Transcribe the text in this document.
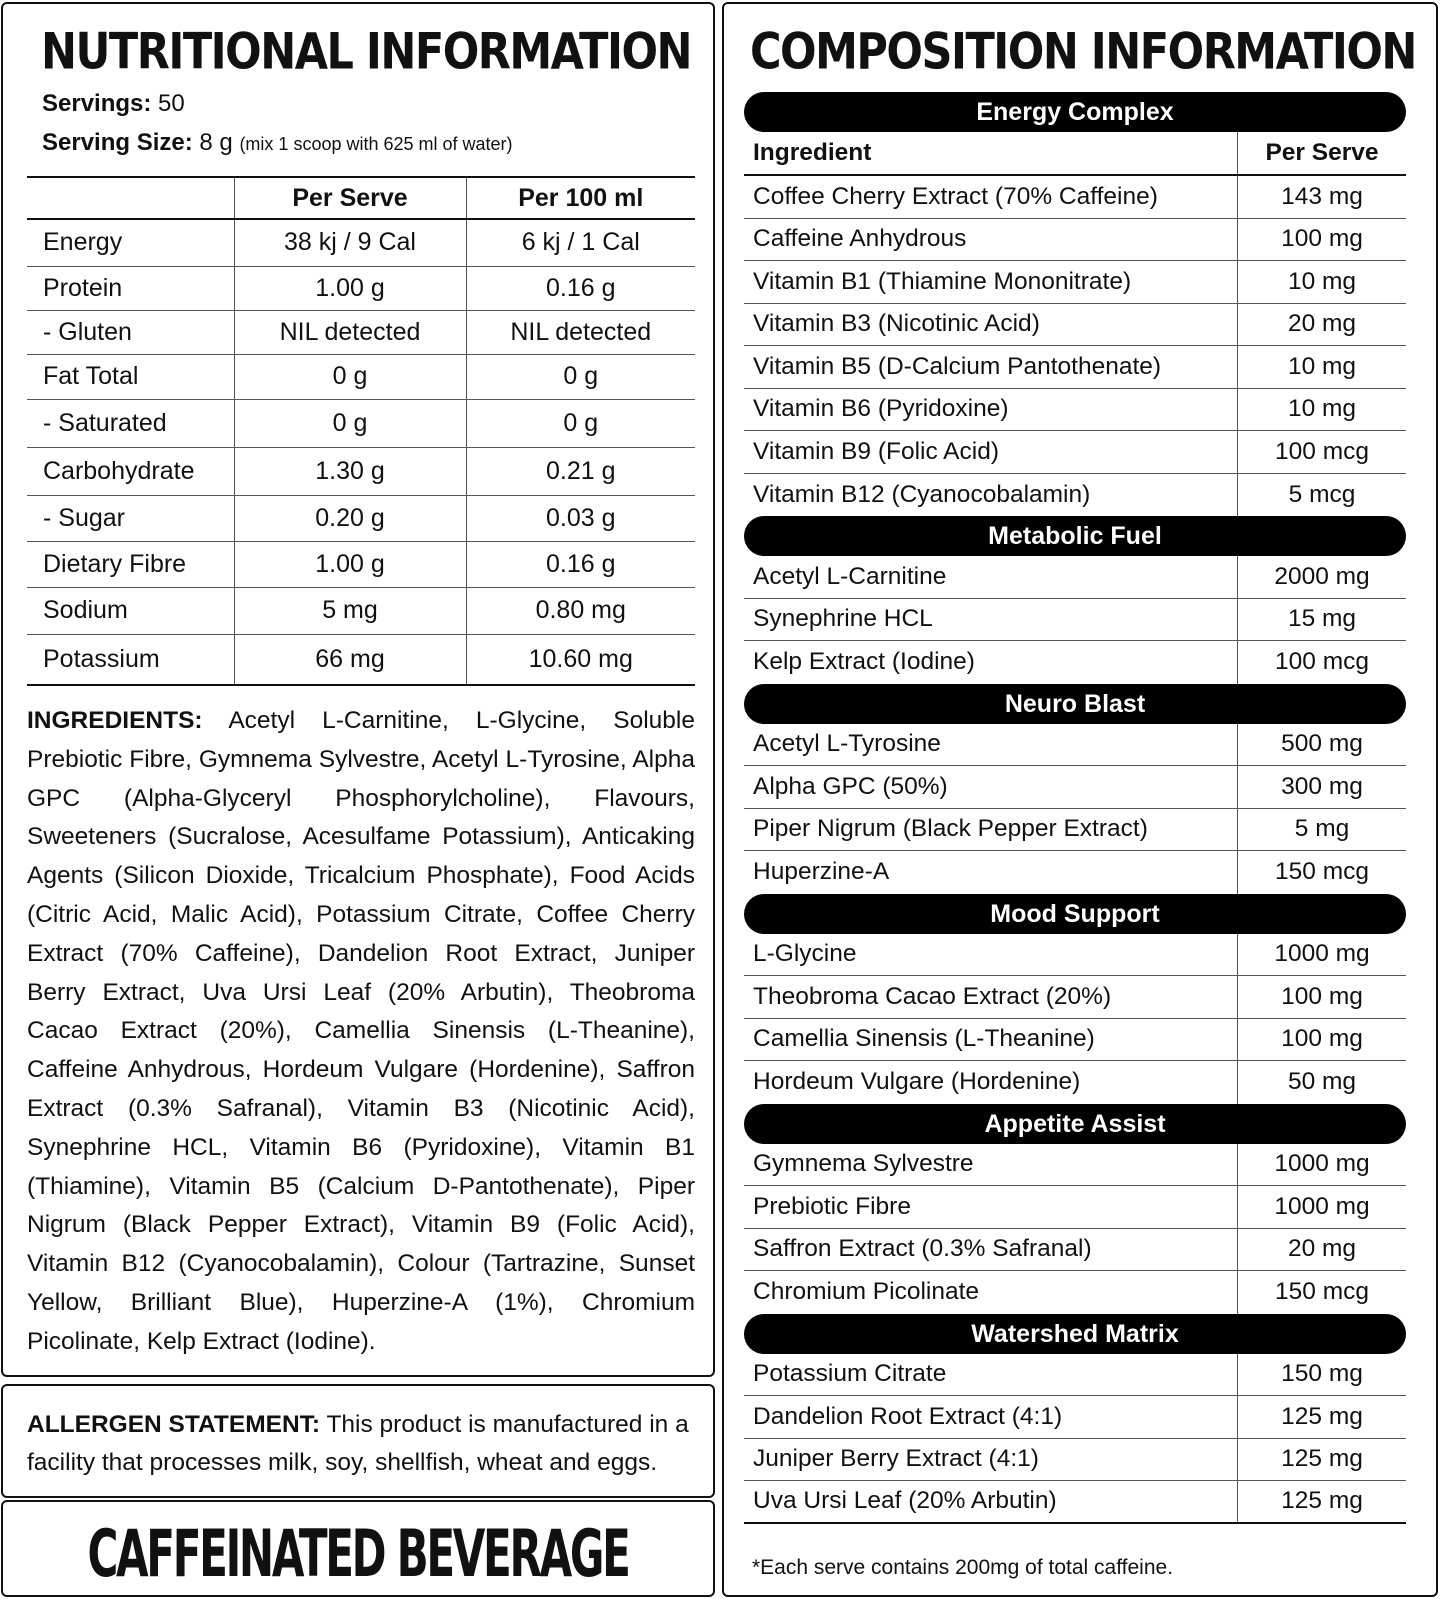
NUTRITIONAL INFORMATION
Servings: 50
Serving Size: 8 g (mix 1 scoop with 625 ml of water)
	Per Serve	Per 100 ml
Energy	38 kj / 9 Cal	6 kj / 1 Cal
Protein	1.00 g	0.16 g
- Gluten	NIL detected	NIL detected
Fat Total	0 g	0 g
- Saturated	0 g	0 g
Carbohydrate	1.30 g	0.21 g
- Sugar	0.20 g	0.03 g
Dietary Fibre	1.00 g	0.16 g
Sodium	5 mg	0.80 mg
Potassium	66 mg	10.60 mg
INGREDIENTS: Acetyl L-Carnitine, L-Glycine, Soluble Prebiotic Fibre, Gymnema Sylvestre, Acetyl L-Tyrosine, Alpha GPC (Alpha-Glyceryl Phosphorylcholine), Flavours, Sweeteners (Sucralose, Acesulfame Potassium), Anticaking Agents (Silicon Dioxide, Tricalcium Phosphate), Food Acids (Citric Acid, Malic Acid), Potassium Citrate, Coffee Cherry Extract (70% Caffeine), Dandelion Root Extract, Juniper Berry Extract, Uva Ursi Leaf (20% Arbutin), Theobroma Cacao Extract (20%), Camellia Sinensis (L-Theanine), Caffeine Anhydrous, Hordeum Vulgare (Hordenine), Saffron Extract (0.3% Safranal), Vitamin B3 (Nicotinic Acid), Synephrine HCL, Vitamin B6 (Pyridoxine), Vitamin B1 (Thiamine), Vitamin B5 (Calcium D-Pantothenate), Piper Nigrum (Black Pepper Extract), Vitamin B9 (Folic Acid), Vitamin B12 (Cyanocobalamin), Colour (Tartrazine, Sunset Yellow, Brilliant Blue), Huperzine-A (1%), Chromium Picolinate, Kelp Extract (Iodine).
ALLERGEN STATEMENT: This product is manufactured in a facility that processes milk, soy, shellfish, wheat and eggs.
CAFFEINATED BEVERAGE
COMPOSITION INFORMATION
Energy Complex
Ingredient	Per Serve
Coffee Cherry Extract (70% Caffeine)	143 mg
Caffeine Anhydrous	100 mg
Vitamin B1 (Thiamine Mononitrate)	10 mg
Vitamin B3 (Nicotinic Acid)	20 mg
Vitamin B5 (D-Calcium Pantothenate)	10 mg
Vitamin B6 (Pyridoxine)	10 mg
Vitamin B9 (Folic Acid)	100 mcg
Vitamin B12 (Cyanocobalamin)	5 mcg
Metabolic Fuel
Acetyl L-Carnitine	2000 mg
Synephrine HCL	15 mg
Kelp Extract (Iodine)	100 mcg
Neuro Blast
Acetyl L-Tyrosine	500 mg
Alpha GPC (50%)	300 mg
Piper Nigrum (Black Pepper Extract)	5 mg
Huperzine-A	150 mcg
Mood Support
L-Glycine	1000 mg
Theobroma Cacao Extract (20%)	100 mg
Camellia Sinensis (L-Theanine)	100 mg
Hordeum Vulgare (Hordenine)	50 mg
Appetite Assist
Gymnema Sylvestre	1000 mg
Prebiotic Fibre	1000 mg
Saffron Extract (0.3% Safranal)	20 mg
Chromium Picolinate	150 mcg
Watershed Matrix
Potassium Citrate	150 mg
Dandelion Root Extract (4:1)	125 mg
Juniper Berry Extract (4:1)	125 mg
Uva Ursi Leaf (20% Arbutin)	125 mg
*Each serve contains 200mg of total caffeine.
